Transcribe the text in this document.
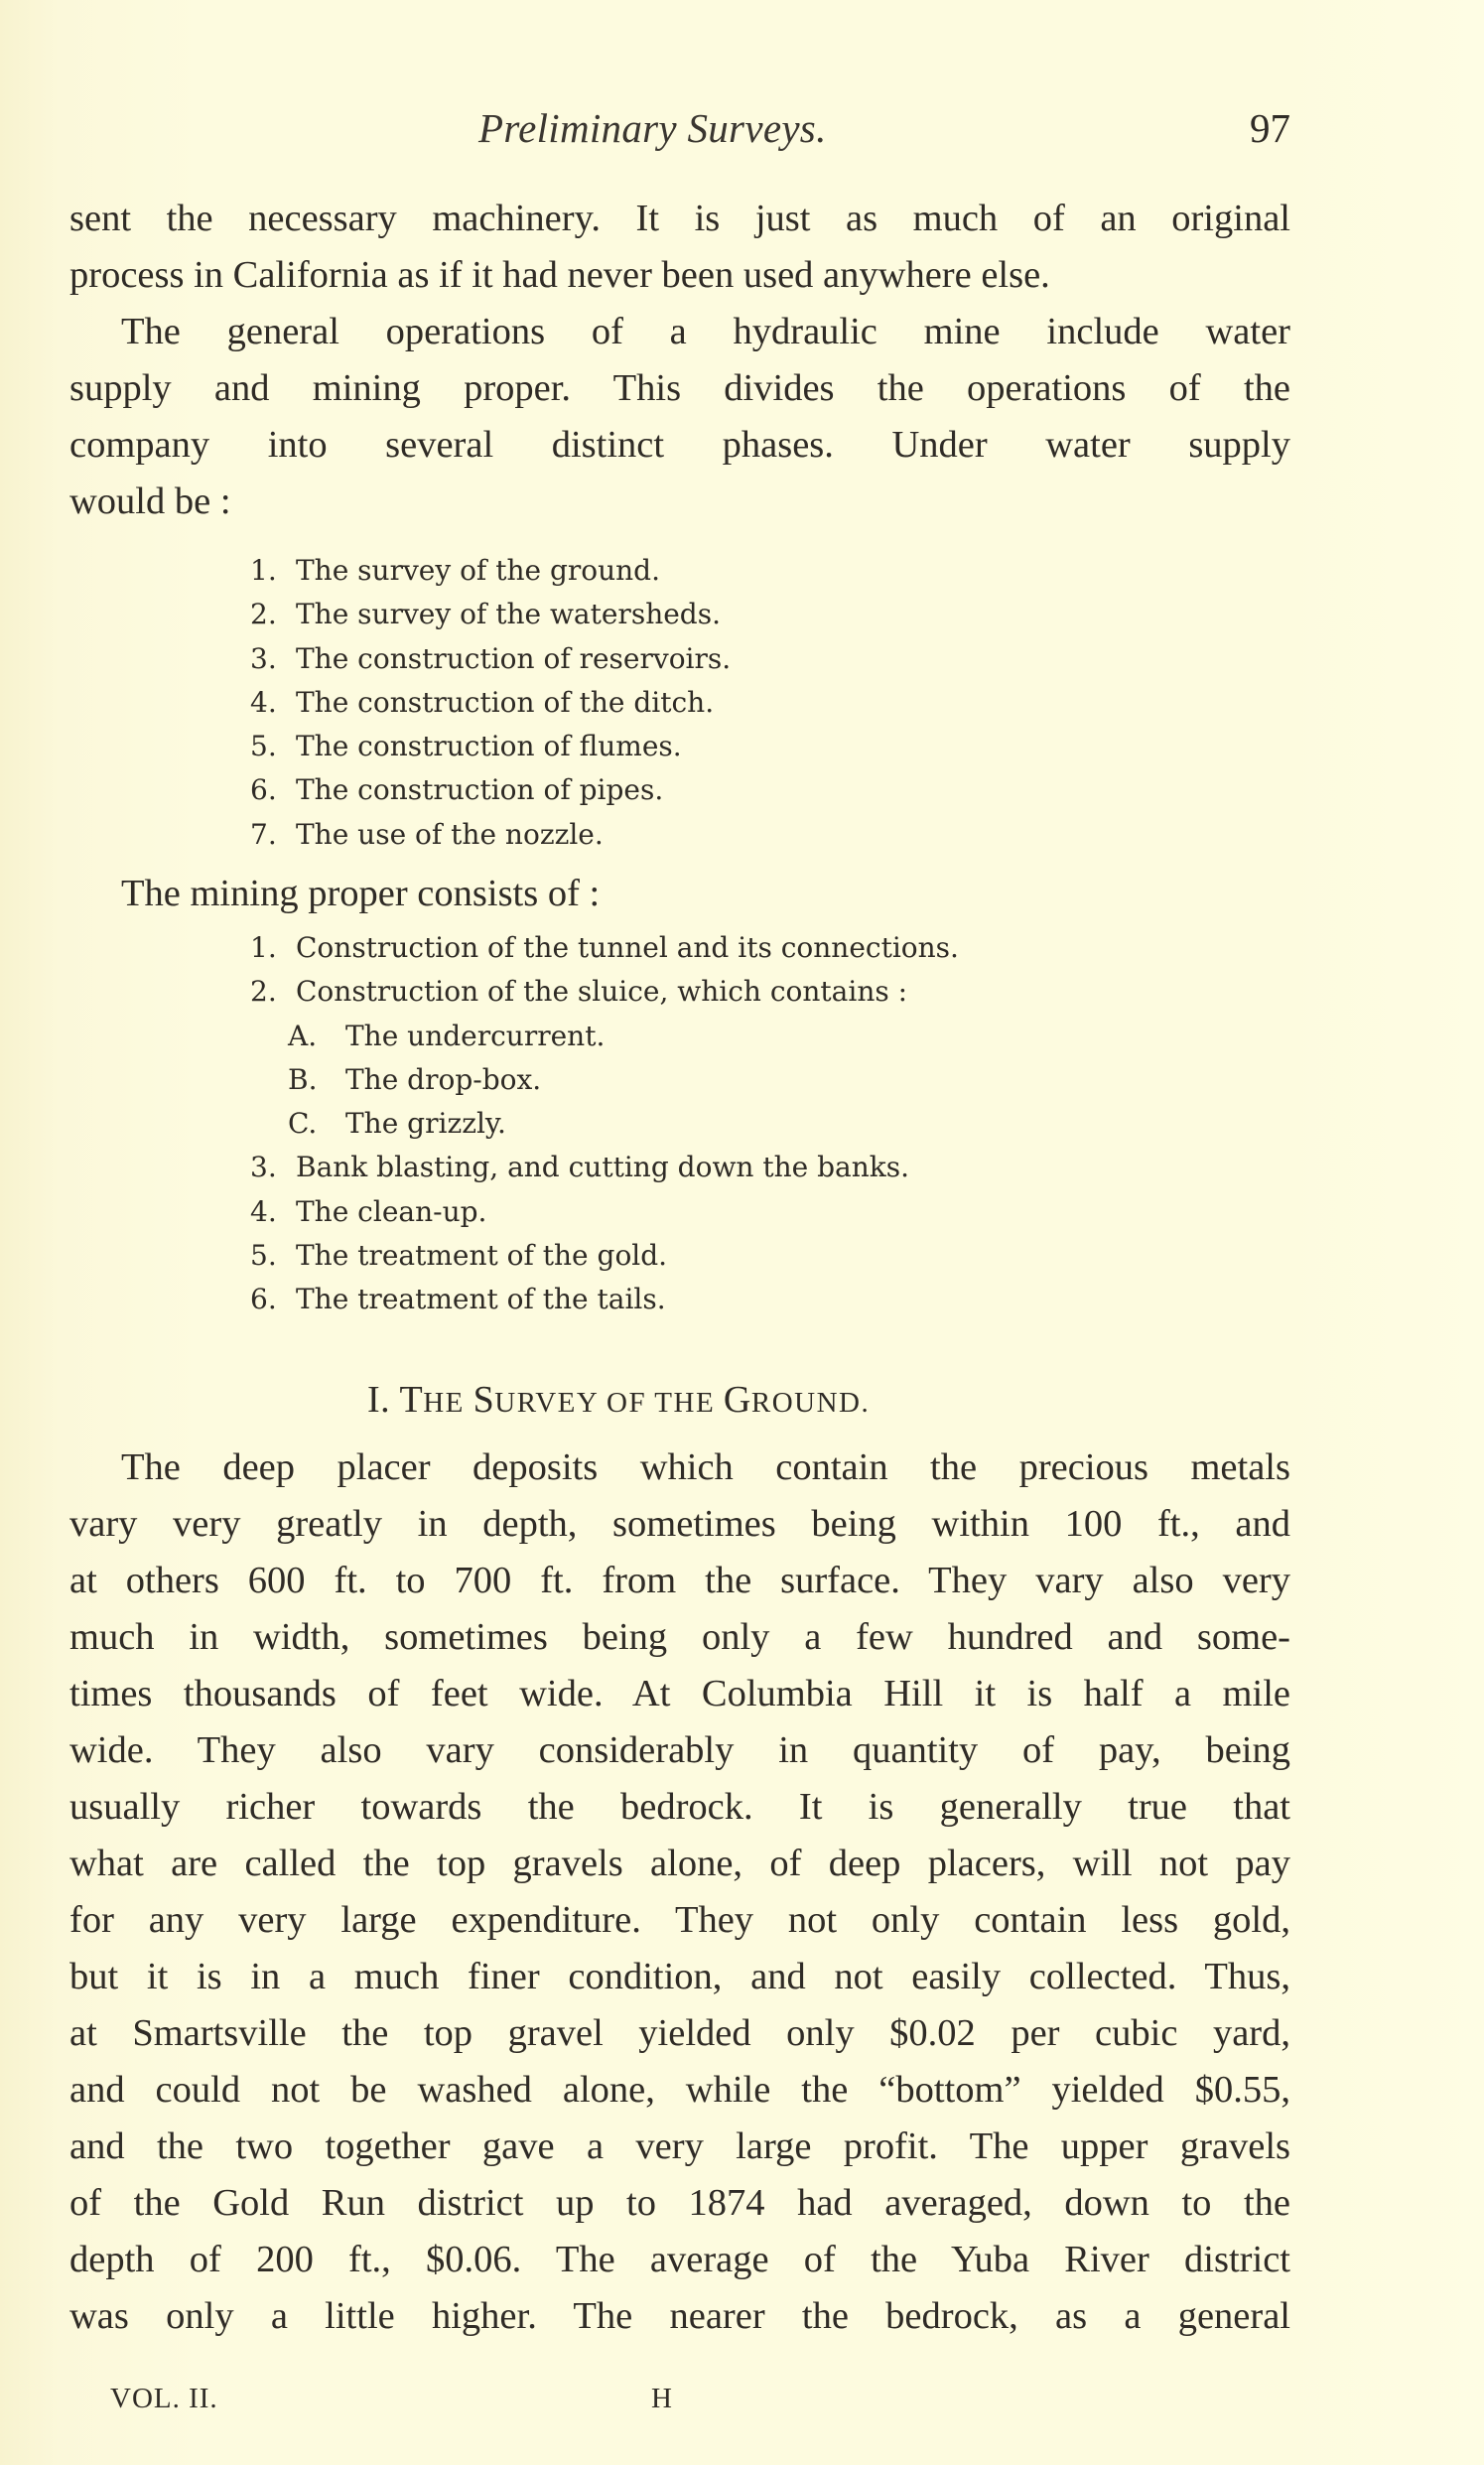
Preliminary Surveys.	97
sent the necessary machinery. It is just as much of an original
process in California as if it had never been used anywhere else.
The general operations of a hydraulic mine include water
supply and mining proper. This divides the operations of the
company into several distinct phases. Under water supply
would be :
1. The survey of the ground.
2. The survey of the watersheds.
3. The construction of reservoirs.
4. The construction of the ditch.
5. The construction of flumes.
6. The construction of pipes.
7. The use of the nozzle.
The mining proper consists of :
1. Construction of the tunnel and its connections.
2. Construction of the sluice, which contains :
A.	The undercurrent.
B.	The drop-box.
C.	The grizzly.
3. Bank blasting, and cutting down the banks.
4. The clean-up.
5. The treatment of the gold.
6. The treatment of the tails.
I. THE SURVEY OF THE GROUND.
The deep placer deposits which contain the precious metals
vary very greatly in depth, sometimes being within 100 ft., and
at others 600 ft. to 700 ft. from the surface. They vary also very
much in width, sometimes being only a few hundred and some-
times thousands of feet wide. At Columbia Hill it is half a mile
wide. They also vary considerably in quantity of pay, being
usually richer towards the bedrock. It is generally true that
what are called the top gravels alone, of deep placers, will not pay
for any very large expenditure. They not only contain less gold,
but it is in a much finer condition, and not easily collected. Thus,
at Smartsville the top gravel yielded only $0.02 per cubic yard,
and could not be washed alone, while the “bottom” yielded $0.55,
and the two together gave a very large profit. The upper gravels
of the Gold Run district up to 1874 had averaged, down to the
depth of 200 ft., $0.06. The average of the Yuba River district
was only a little higher. The nearer the bedrock, as a general
VOL. II.	H
